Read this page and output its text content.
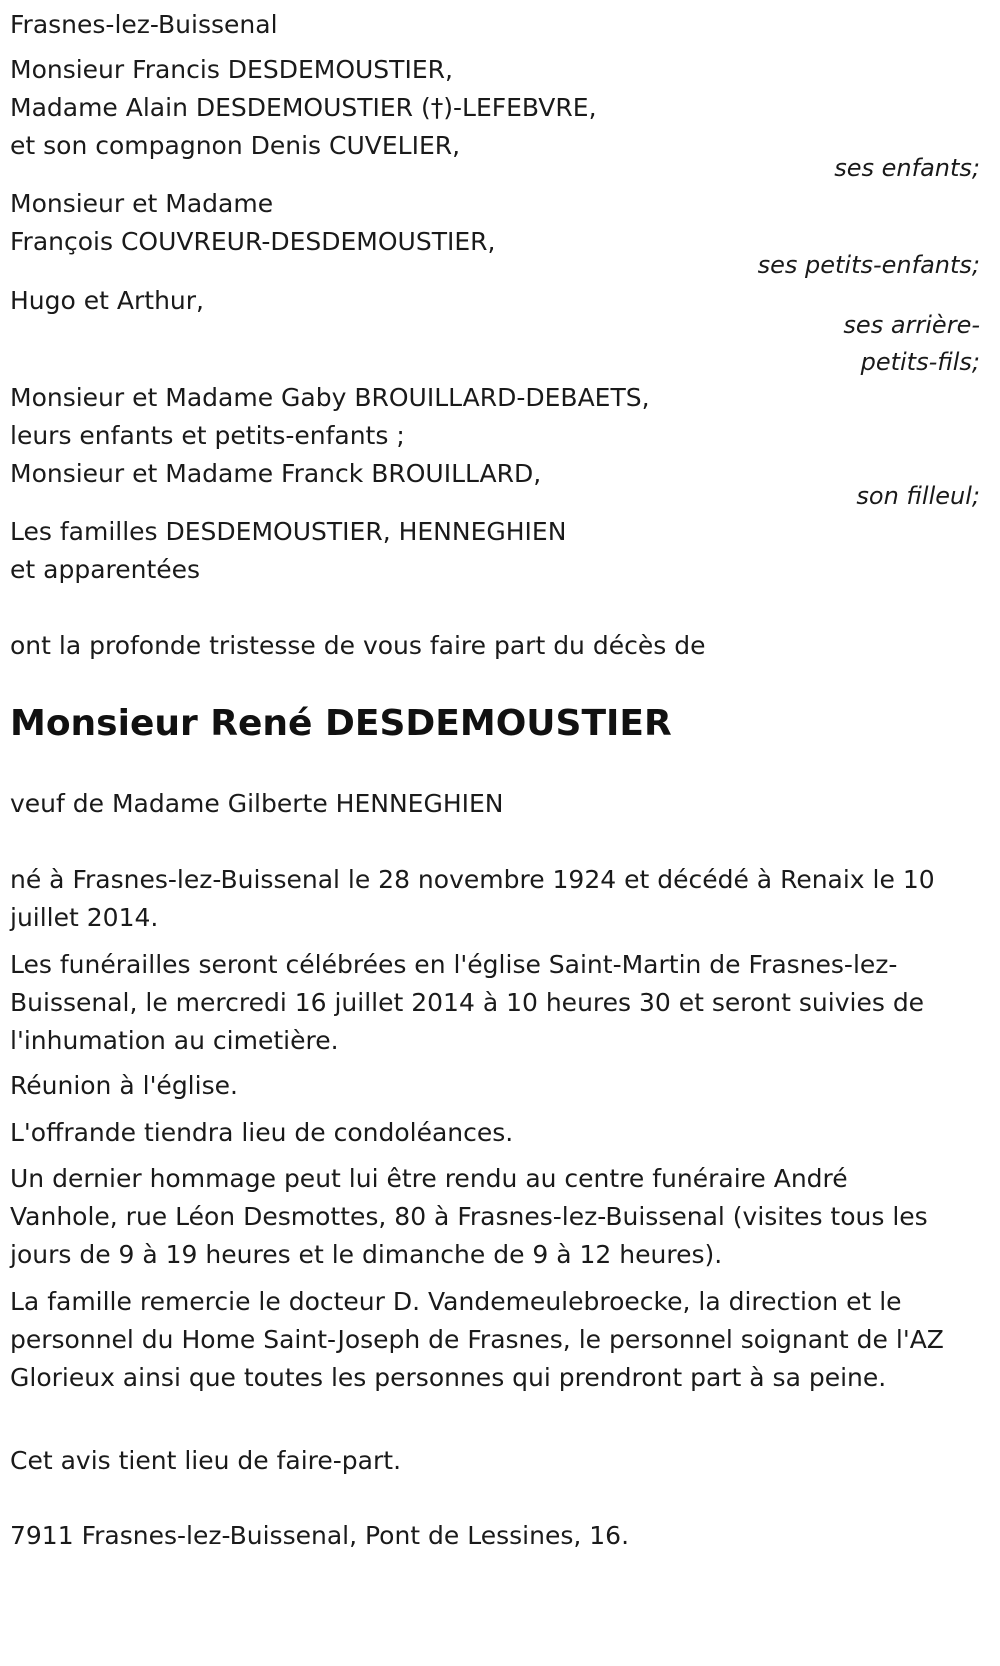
Frasnes-lez-Buissenal
Monsieur Francis DESDEMOUSTIER,
Madame Alain DESDEMOUSTIER (†)-LEFEBVRE,
et son compagnon Denis CUVELIER,
ses enfants;
Monsieur et Madame
François COUVREUR-DESDEMOUSTIER,
ses petits-enfants;
Hugo et Arthur,
ses arrière-
petits-fils;
Monsieur et Madame Gaby BROUILLARD-DEBAETS,
leurs enfants et petits-enfants ;
Monsieur et Madame Franck BROUILLARD,
son filleul;
Les familles DESDEMOUSTIER, HENNEGHIEN
et apparentées
ont la profonde tristesse de vous faire part du décès de
Monsieur René DESDEMOUSTIER
veuf de Madame Gilberte HENNEGHIEN
né à Frasnes-lez-Buissenal le 28 novembre 1924 et décédé à Renaix le 10 juillet 2014.
Les funérailles seront célébrées en l'église Saint-Martin de Frasnes-lez-Buissenal, le mercredi 16 juillet 2014 à 10 heures 30 et seront suivies de l'inhumation au cimetière.
Réunion à l'église.
L'offrande tiendra lieu de condoléances.
Un dernier hommage peut lui être rendu au centre funéraire André Vanhole, rue Léon Desmottes, 80 à Frasnes-lez-Buissenal (visites tous les jours de 9 à 19 heures et le dimanche de 9 à 12 heures).
La famille remercie le docteur D. Vandemeulebroecke, la direction et le personnel du Home Saint-Joseph de Frasnes, le personnel soignant de l'AZ Glorieux ainsi que toutes les personnes qui prendront part à sa peine.
Cet avis tient lieu de faire-part.
7911 Frasnes-lez-Buissenal, Pont de Lessines, 16.
